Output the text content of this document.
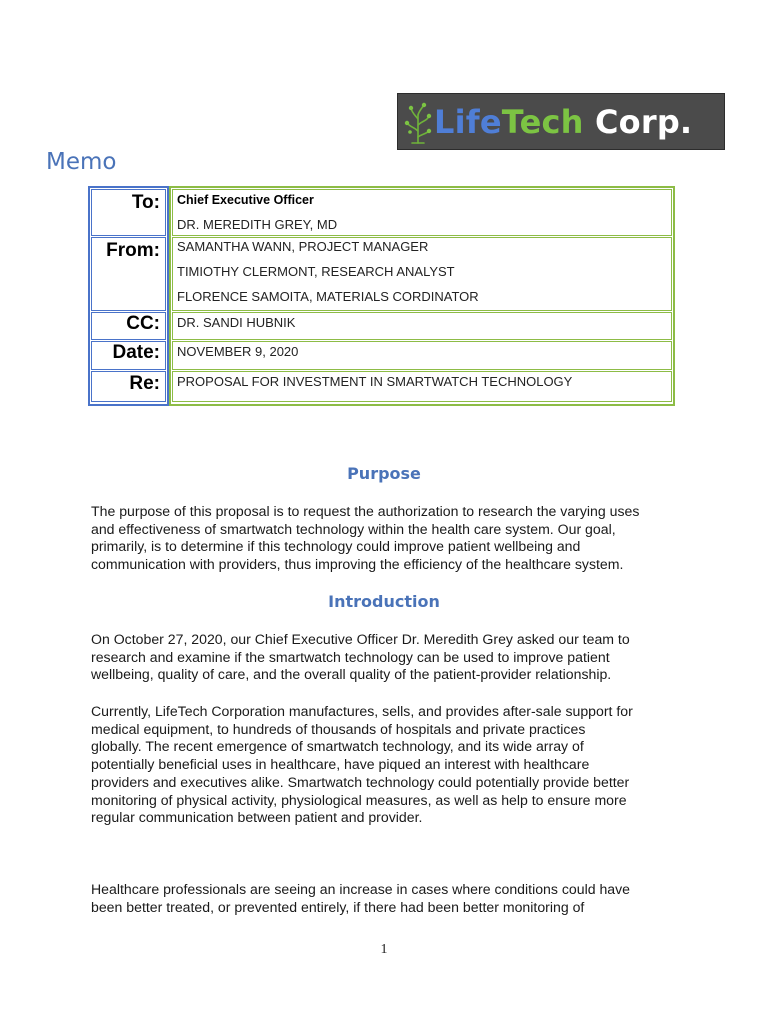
LifeTech Corp.
Memo
To: Chief Executive Officer
DR. MEREDITH GREY, MD
From: SAMANTHA WANN, PROJECT MANAGER
TIMIOTHY CLERMONT, RESEARCH ANALYST
FLORENCE SAMOITA, MATERIALS CORDINATOR
CC: DR. SANDI HUBNIK
Date: NOVEMBER 9, 2020
Re: PROPOSAL FOR INVESTMENT IN SMARTWATCH TECHNOLOGY
Purpose
The purpose of this proposal is to request the authorization to research the varying uses
and effectiveness of smartwatch technology within the health care system. Our goal,
primarily, is to determine if this technology could improve patient wellbeing and
communication with providers, thus improving the efficiency of the healthcare system.
Introduction
On October 27, 2020, our Chief Executive Officer Dr. Meredith Grey asked our team to
research and examine if the smartwatch technology can be used to improve patient
wellbeing, quality of care, and the overall quality of the patient-provider relationship.
Currently, LifeTech Corporation manufactures, sells, and provides after-sale support for
medical equipment, to hundreds of thousands of hospitals and private practices
globally. The recent emergence of smartwatch technology, and its wide array of
potentially beneficial uses in healthcare, have piqued an interest with healthcare
providers and executives alike. Smartwatch technology could potentially provide better
monitoring of physical activity, physiological measures, as well as help to ensure more
regular communication between patient and provider.
Healthcare professionals are seeing an increase in cases where conditions could have
been better treated, or prevented entirely, if there had been better monitoring of
1
